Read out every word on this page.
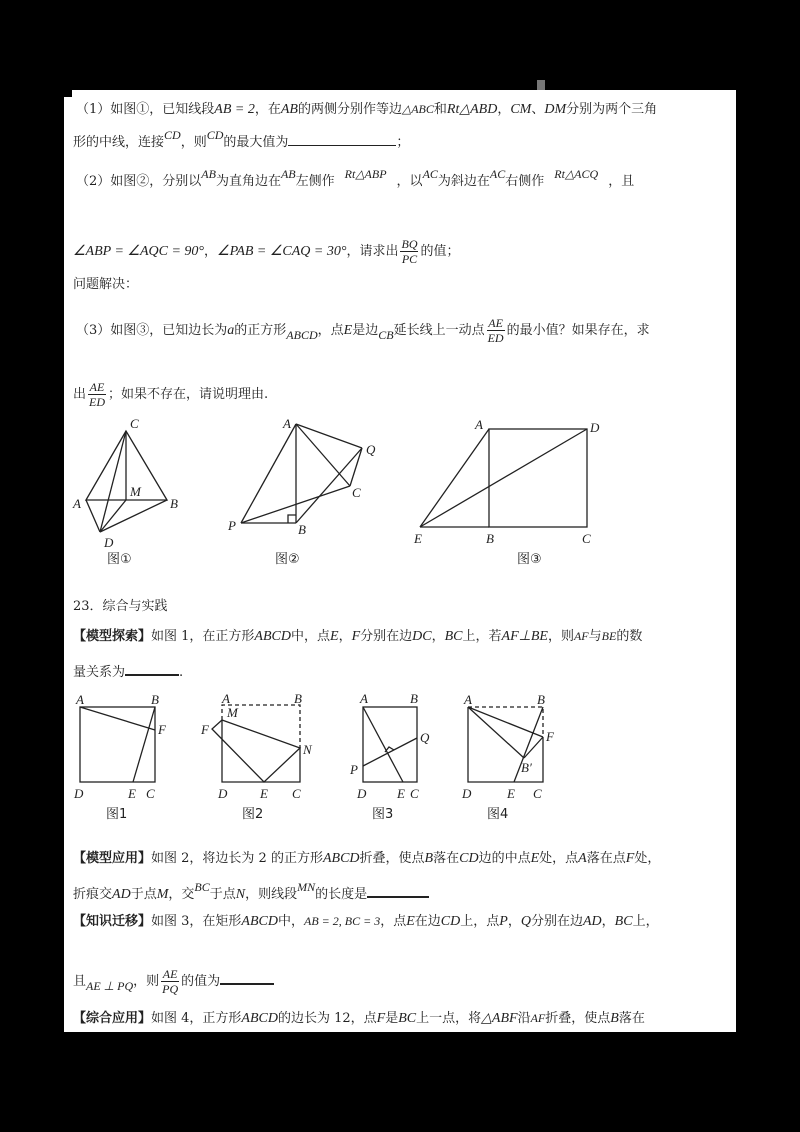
（1）如图①，已知线段AB = 2，在AB的两侧分别作等边△ABC和Rt△ABD，CM、DM分别为两个三角
形的中线，连接CD，则CD的最大值为	；
（2）如图②，分别以AB为直角边在AB左侧作 Rt△ABP ，以AC为斜边在AC右侧作 Rt△ACQ ，且
∠ABP = ∠AQC = 90°，∠PAB = ∠CAQ = 30°，请求出 $\frac{BQ}{PC}$ 的值；
问题解决：
（3）如图③，已知边长为a的正方形ABCD，点E是边CB延长线上一动点 $\frac{AE}{ED}$ 的最小值？如果存在，求
出 $\frac{AE}{ED}$ ；如果不存在，请说明理由.
C
A
M
B
D
图①
A
Q
C
P	B
图②
A	D
E	B	C
图③
23．综合与实践
【模型探索】如图 1，在正方形ABCD中，点E，F分别在边DC，BC上，若AF⊥BE，则AF与BE的数
量关系为	.
A	B
F
D	E C
图1
A	B
M
F
N
D	E C
图2
A	B
Q
P
D E C
图3
A	B
F
B′
D	E C
图4
【模型应用】如图 2，将边长为 2 的正方形ABCD折叠，使点B落在CD边的中点E处，点A落在点F处，
折痕交AD于点M，交BC于点N，则线段MN的长度是
【知识迁移】如图 3，在矩形ABCD中，AB = 2, BC = 3，点E在边CD上，点P，Q分别在边AD，BC上，
且AE ⊥ PQ，则 $\frac{AE}{PQ}$ 的值为
【综合应用】如图 4，正方形ABCD的边长为 12，点F是BC上一点，将△ABF沿AF折叠，使点B落在
